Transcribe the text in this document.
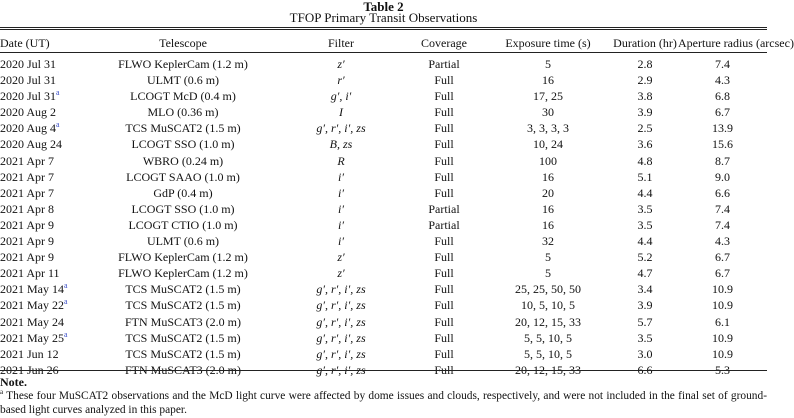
Table 2
TFOP Primary Transit Observations
Date (UT)	Telescope	Filter	Coverage	Exposure time (s)	Duration (hr)	Aperture radius (arcsec)
2020 Jul 31	FLWO KeplerCam (1.2 m)	z′	Partial	5	2.8	7.4
2020 Jul 31	ULMT (0.6 m)	r′	Full	16	2.9	4.3
2020 Jul 31$^a$	LCOGT McD (0.4 m)	g′, i′	Full	17, 25	3.8	6.8
2020 Aug 2	MLO (0.36 m)	I	Full	30	3.9	6.7
2020 Aug 4$^a$	TCS MuSCAT2 (1.5 m)	g′, r′, i′, zs	Full	3, 3, 3, 3	2.5	13.9
2020 Aug 24	LCOGT SSO (1.0 m)	B, zs	Full	10, 24	3.6	15.6
2021 Apr 7	WBRO (0.24 m)	R	Full	100	4.8	8.7
2021 Apr 7	LCOGT SAAO (1.0 m)	i′	Full	16	5.1	9.0
2021 Apr 7	GdP (0.4 m)	i′	Full	20	4.4	6.6
2021 Apr 8	LCOGT SSO (1.0 m)	i′	Partial	16	3.5	7.4
2021 Apr 9	LCOGT CTIO (1.0 m)	i′	Partial	16	3.5	7.4
2021 Apr 9	ULMT (0.6 m)	i′	Full	32	4.4	4.3
2021 Apr 9	FLWO KeplerCam (1.2 m)	z′	Full	5	5.2	6.7
2021 Apr 11	FLWO KeplerCam (1.2 m)	z′	Full	5	4.7	6.7
2021 May 14$^a$	TCS MuSCAT2 (1.5 m)	g′, r′, i′, zs	Full	25, 25, 50, 50	3.4	10.9
2021 May 22$^a$	TCS MuSCAT2 (1.5 m)	g′, r′, i′, zs	Full	10, 5, 10, 5	3.9	10.9
2021 May 24	FTN MuSCAT3 (2.0 m)	g′, r′, i′, zs	Full	20, 12, 15, 33	5.7	6.1
2021 May 25$^a$	TCS MuSCAT2 (1.5 m)	g′, r′, i′, zs	Full	5, 5, 10, 5	3.5	10.9
2021 Jun 12	TCS MuSCAT2 (1.5 m)	g′, r′, i′, zs	Full	5, 5, 10, 5	3.0	10.9
2021 Jun 26	FTN MuSCAT3 (2.0 m)	g′, r′, i′, zs	Full	20, 12, 15, 33	6.6	5.3
Note.
$^a$ These four MuSCAT2 observations and the McD light curve were affected by dome issues and clouds, respectively, and were not included in the final set of ground-based light curves analyzed in this paper.
